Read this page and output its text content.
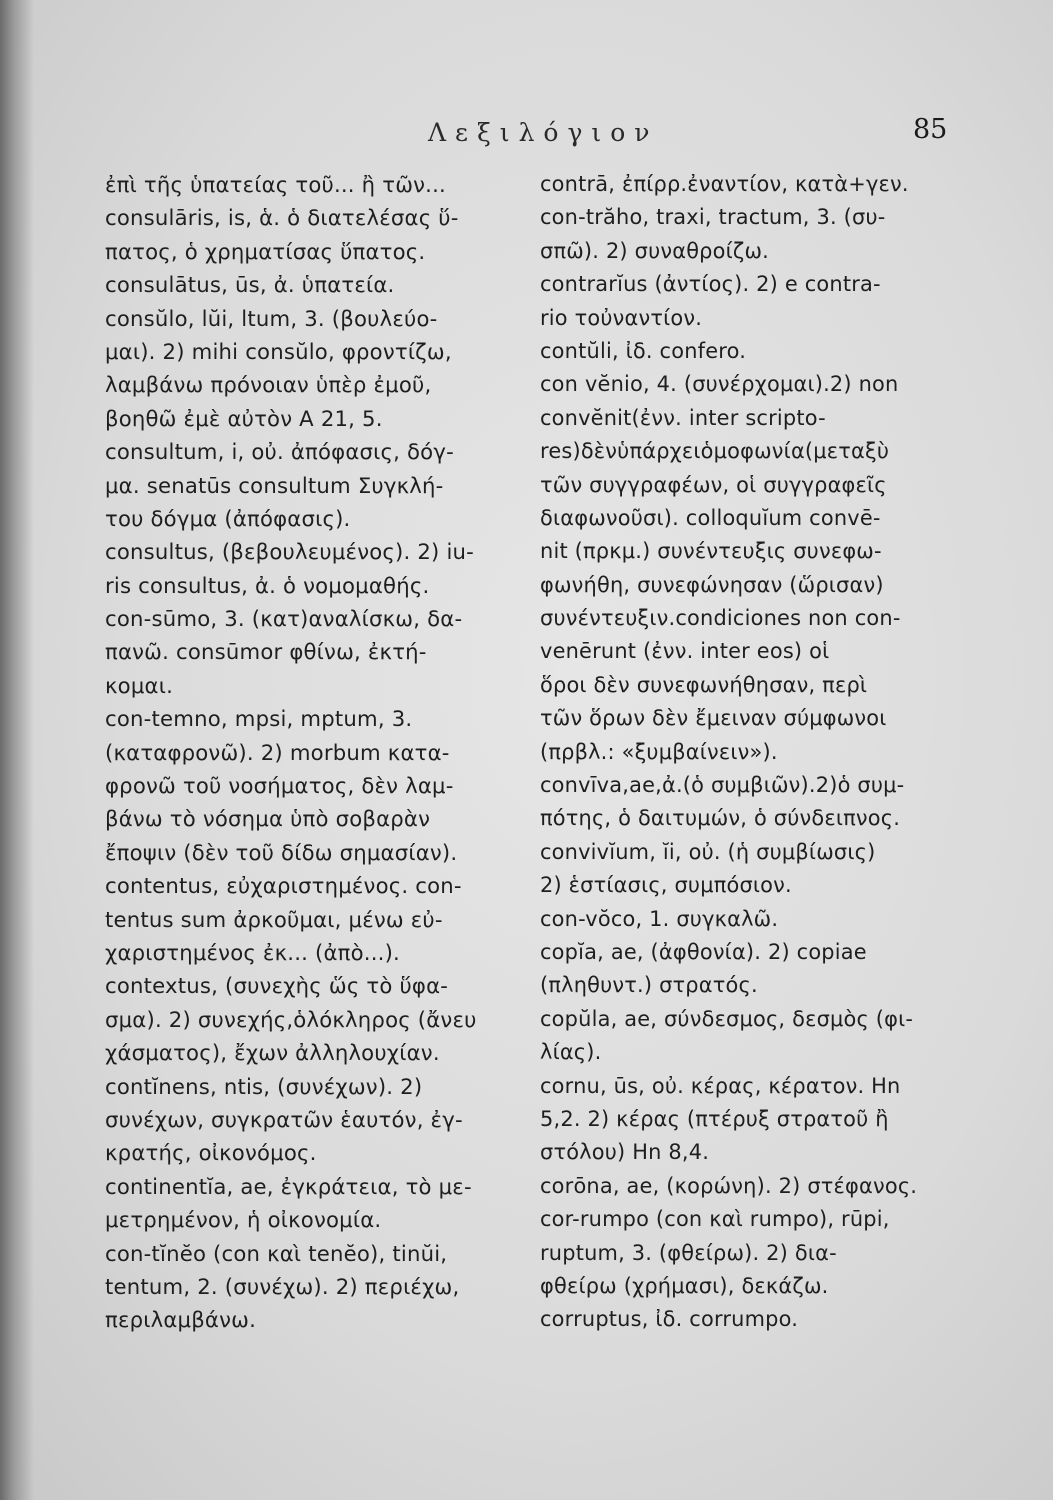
Λεξιλόγιον	85
ἐπὶ τῆς ὑπατείας τοῦ... ἢ τῶν...
consulāris, is, ἁ. ὁ διατελέσας ὕ-
πατος, ὁ χρηματίσας ὕπατος.
consulātus, ūs, ἀ. ὑπατεία.
consŭlo, lŭi, ltum, 3. (βουλεύο-
μαι). 2) mihi consŭlo, φροντίζω,
λαμβάνω πρόνοιαν ὑπὲρ ἐμοῦ,
βοηθῶ ἐμὲ αὐτὸν Α 21, 5.
consultum, i, οὐ. ἀπόφασις, δόγ-
μα. senatūs consultum Συγκλή-
του δόγμα (ἀπόφασις).
consultus, (βεβουλευμένος). 2) iu-
ris consultus, ἀ. ὁ νομομαθής.
con-sūmo, 3. (κατ)αναλίσκω, δα-
πανῶ. consūmor φθίνω, ἐκτή-
κομαι.
con-temno, mpsi, mptum, 3.
(καταφρονῶ). 2) morbum κατα-
φρονῶ τοῦ νοσήματος, δὲν λαμ-
βάνω τὸ νόσημα ὑπὸ σοβαρὰν
ἔποψιν (δὲν τοῦ δίδω σημασίαν).
contentus, εὐχαριστημένος. con-
tentus sum ἀρκοῦμαι, μένω εὐ-
χαριστημένος ἐκ... (ἀπὸ...).
contextus, (συνεχὴς ὥς τὸ ὕφα-
σμα). 2) συνεχής,ὁλόκληρος (ἄνευ
χάσματος), ἔχων ἀλληλουχίαν.
contĭnens, ntis, (συνέχων). 2)
συνέχων, συγκρατῶν ἑαυτόν, ἐγ-
κρατής, οἰκονόμος.
continentĭa, ae, ἐγκράτεια, τὸ με-
μετρημένον, ἡ οἰκονομία.
con-tĭnĕo (con καὶ tenĕo), tinŭi,
tentum, 2. (συνέχω). 2) περιέχω,
περιλαμβάνω.
contrā, ἐπίρρ.ἐναντίον, κατὰ+γεν.
con-trăho, traxi, tractum, 3. (συ-
σπῶ). 2) συναθροίζω.
contrarĭus (ἀντίος). 2) e contra-
rio τοὐναντίον.
contŭli, ἰδ. confero.
con vĕnio, 4. (συνέρχομαι).2) non
convĕnit(ἐνν. inter scripto-
res)δὲνὑπάρχειὁμοφωνία(μεταξὺ
τῶν συγγραφέων, οἱ συγγραφεῖς
διαφωνοῦσι). colloquĭum convē-
nit (πρκμ.) συνέντευξις συνεφω-
φωνήθη, συνεφώνησαν (ὥρισαν)
συνέντευξιν.condiciones non con-
venērunt (ἐνν. inter eos) οἱ
ὅροι δὲν συνεφωνήθησαν, περὶ
τῶν ὅρων δὲν ἔμειναν σύμφωνοι
(πρβλ.: «ξυμβαίνειν»).
convīva,ae,ἀ.(ὁ συμβιῶν).2)ὁ συμ-
πότης, ὁ δαιτυμών, ὁ σύνδειπνος.
convivĭum, ĭi, οὐ. (ἡ συμβίωσις)
2) ἑστίασις, συμπόσιον.
con-vŏco, 1. συγκαλῶ.
copĭa, ae, (ἀφθονία). 2) copiae
(πληθυντ.) στρατός.
copŭla, ae, σύνδεσμος, δεσμὸς (φι-
λίας).
cornu, ūs, οὐ. κέρας, κέρατον. Hn
5,2. 2) κέρας (πτέρυξ στρατοῦ ἢ
στόλου) Hn 8,4.
corōna, ae, (κορώνη). 2) στέφανος.
cor-rumpo (con καὶ rumpo), rūpi,
ruptum, 3. (φθείρω). 2) δια-
φθείρω (χρήμασι), δεκάζω.
corruptus, ἰδ. corrumpo.
